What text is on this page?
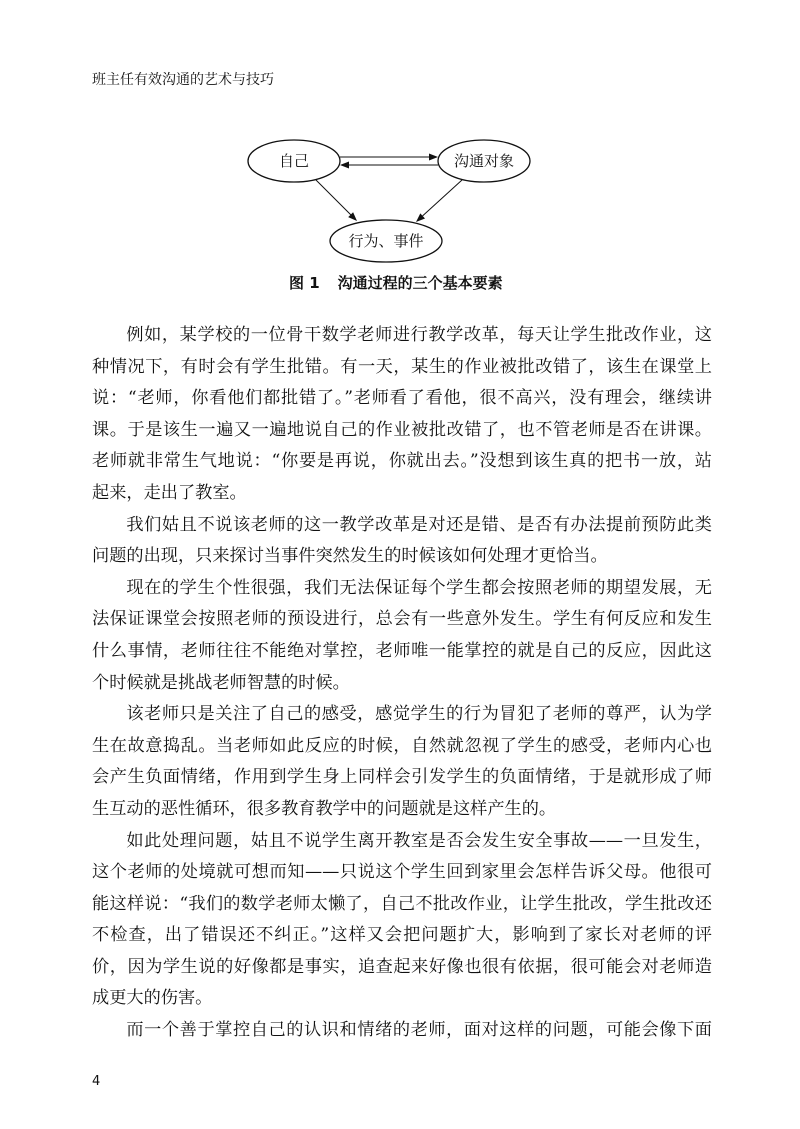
班主任有效沟通的艺术与技巧
自己	沟通对象
行为、事件
图 1 沟通过程的三个基本要素
例如，某学校的一位骨干数学老师进行教学改革，每天让学生批改作业，这
种情况下，有时会有学生批错。有一天，某生的作业被批改错了，该生在课堂上
说：“老师，你看他们都批错了。”老师看了看他，很不高兴，没有理会，继续讲
课。于是该生一遍又一遍地说自己的作业被批改错了，也不管老师是否在讲课。
老师就非常生气地说：“你要是再说，你就出去。”没想到该生真的把书一放，站
起来，走出了教室。
我们姑且不说该老师的这一教学改革是对还是错、是否有办法提前预防此类
问题的出现，只来探讨当事件突然发生的时候该如何处理才更恰当。
现在的学生个性很强，我们无法保证每个学生都会按照老师的期望发展，无
法保证课堂会按照老师的预设进行，总会有一些意外发生。学生有何反应和发生
什么事情，老师往往不能绝对掌控，老师唯一能掌控的就是自己的反应，因此这
个时候就是挑战老师智慧的时候。
该老师只是关注了自己的感受，感觉学生的行为冒犯了老师的尊严，认为学
生在故意捣乱。当老师如此反应的时候，自然就忽视了学生的感受，老师内心也
会产生负面情绪，作用到学生身上同样会引发学生的负面情绪，于是就形成了师
生互动的恶性循环，很多教育教学中的问题就是这样产生的。
如此处理问题，姑且不说学生离开教室是否会发生安全事故——一旦发生，
这个老师的处境就可想而知——只说这个学生回到家里会怎样告诉父母。他很可
能这样说：“我们的数学老师太懒了，自己不批改作业，让学生批改，学生批改还
不检查，出了错误还不纠正。”这样又会把问题扩大，影响到了家长对老师的评
价，因为学生说的好像都是事实，追查起来好像也很有依据，很可能会对老师造
成更大的伤害。
而一个善于掌控自己的认识和情绪的老师，面对这样的问题，可能会像下面
4
